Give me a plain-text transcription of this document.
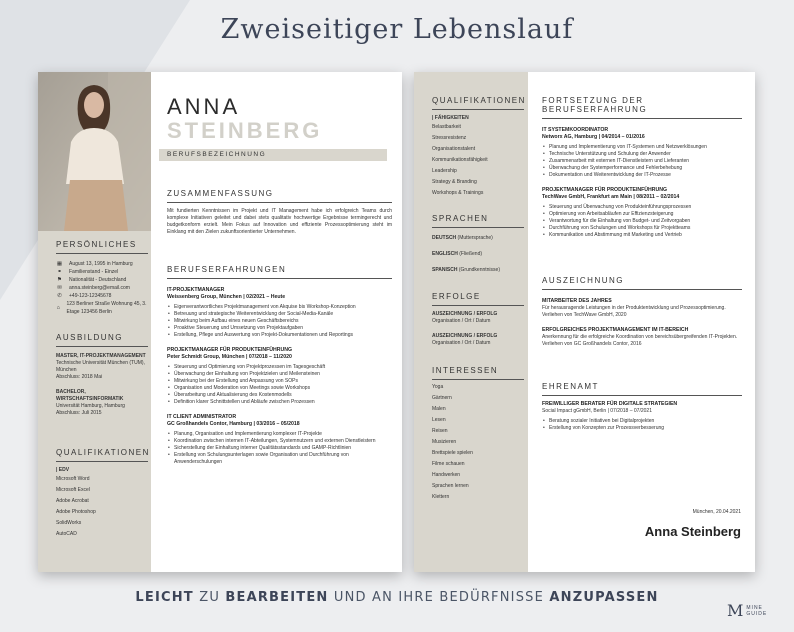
Zweiseitiger Lebenslauf
ANNA
STEINBERG
BERUFSBEZEICHNUNG
PERSÖNLICHES
▦ August 13, 1995 in Hamburg
⚭ Familienstand - Einzel
⚑ Nationalität - Deutschland
✉ anna.steinberg@email.com
✆ +49-123-12345678
⌂
123 Berliner Straße Wohnung 45, 3. Etage 123456 Berlin
AUSBILDUNG
MASTER, IT-PROJEKTMANAGEMENT
Technische Universität München (TUM), München
Abschluss: 2018 Mai
BACHELOR, WIRTSCHAFTSINFORMATIK
Universität Hamburg, Hamburg
Abschluss: Juli 2015
QUALIFIKATIONEN
| EDV
Microsoft Word
Microsoft Excel
Adobe Acrobat
Adobe Photoshop
SolidWorks
AutoCAD
ZUSAMMENFASSUNG
Mit fundierten Kenntnissen im Projekt und IT Management habe ich erfolgreich Teams durch komplexe Initiativen geleitet und dabei stets qualitativ hochwertige Ergebnisse termingerecht und budgetkonform erzielt. Mein Fokus auf Innovation und effiziente Prozessoptimierung steht im Einklang mit den Zielen zukunftsorientierter Unternehmen.
BERUFSERFAHRUNGEN
IT-PROJEKTMANAGER
Weissenberg Group, München | 02/2021 – Heute
• Eigenverantwortliches Projektmanagement von Akquise bis Workshop-Konzeption
• Betreuung und strategische Weiterentwicklung der Social-Media-Kanäle
• Mitwirkung beim Aufbau eines neuen Geschäftsbereichs
• Proaktive Steuerung und Umsetzung von Projektaufgaben
• Erstellung, Pflege und Auswertung von Projekt-Dokumentationen und Reportings
PROJEKTMANAGER FÜR PRODUKTEINFÜHRUNG
Peter Schmidt Group, München | 07/2018 – 11/2020
• Steuerung und Optimierung von Projektprozessen im Tagesgeschäft
• Überwachung der Einhaltung von Projektzielen und Meilensteinen
• Mitwirkung bei der Erstellung und Anpassung von SOPs
• Organisation und Moderation von Meetings sowie Workshops
• Überarbeitung und Aktualisierung des Kostenmodells
• Definition klarer Schnittstellen und Abläufe zwischen Prozessen
IT CLIENT ADMINISTRATOR
GC Großhandels Contor, Hamburg | 03/2016 – 05/2018
• Planung, Organisation und Implementierung komplexer IT-Projekte
• Koordination zwischen internen IT-Abteilungen, Systemnutzern und externen Dienstleistern
• Sicherstellung der Einhaltung interner Qualitätsstandards und GAMP-Richtlinien
• Erstellung von Schulungsunterlagen sowie Organisation und Durchführung von Anwenderschulungen
QUALIFIKATIONEN
| FÄHIGKEITEN
Belastbarkeit
Stressresistenz
Organisationstalent
Kommunikationsfähigkeit
Leadership
Strategy & Branding
Workshops & Trainings
SPRACHEN
DEUTSCH (Muttersprache)
ENGLISCH (Fließend)
SPANISCH (Grundkenntnisse)
ERFOLGE
AUSZEICHNUNG / ERFOLG
Organisation / Ort / Datum
AUSZEICHNUNG / ERFOLG
Organisation / Ort / Datum
INTERESSEN
Yoga
Gärtnern
Malen
Lesen
Reisen
Musizieren
Brettspiele spielen
Filme schauen
Handwerken
Sprachen lernen
Klettern
FORTSETZUNG DER BERUFSERFAHRUNG
IT SYSTEMKOORDINATOR
Networx AG, Hamburg | 04/2014 – 01/2016
• Planung und Implementierung von IT-Systemen und Netzwerklösungen
• Technische Unterstützung und Schulung der Anwender
• Zusammenarbeit mit externen IT-Dienstleistern und Lieferanten
• Überwachung der Systemperformance und Fehlerbehebung
• Dokumentation und Weiterentwicklung der IT-Prozesse
PROJEKTMANAGER FÜR PRODUKTEINFÜHRUNG
TechWave GmbH, Frankfurt am Main | 08/2011 – 02/2014
• Steuerung und Überwachung von Produkteinführungsprozessen
• Optimierung von Arbeitsabläufen zur Effizienzsteigerung
• Verantwortung für die Einhaltung von Budget- und Zeitvorgaben
• Durchführung von Schulungen und Workshops für Projektteams
• Kommunikation und Abstimmung mit Marketing und Vertrieb
AUSZEICHNUNG
MITARBEITER DES JAHRES
Für herausragende Leistungen in der Produktentwicklung und Prozessoptimierung.
Verliehen von TechWave GmbH, 2020
ERFOLGREICHES PROJEKTMANAGEMENT IM IT-BEREICH
Anerkennung für die erfolgreiche Koordination von bereichsübergreifenden IT-Projekten.
Verliehen von GC Großhandels Contor, 2016
EHRENAMT
FREIWILLIGER BERATER FÜR DIGITALE STRATEGIEN
Social Impact gGmbH, Berlin | 07/2018 – 07/2021
• Beratung sozialer Initiativen bei Digitalprojekten
• Erstellung von Konzepten zur Prozessverbesserung
München, 20.04.2021
Anna Steinberg
LEICHT ZU BEARBEITEN UND AN IHRE BEDÜRFNISSE ANZUPASSEN
M MINE
GUIDE
